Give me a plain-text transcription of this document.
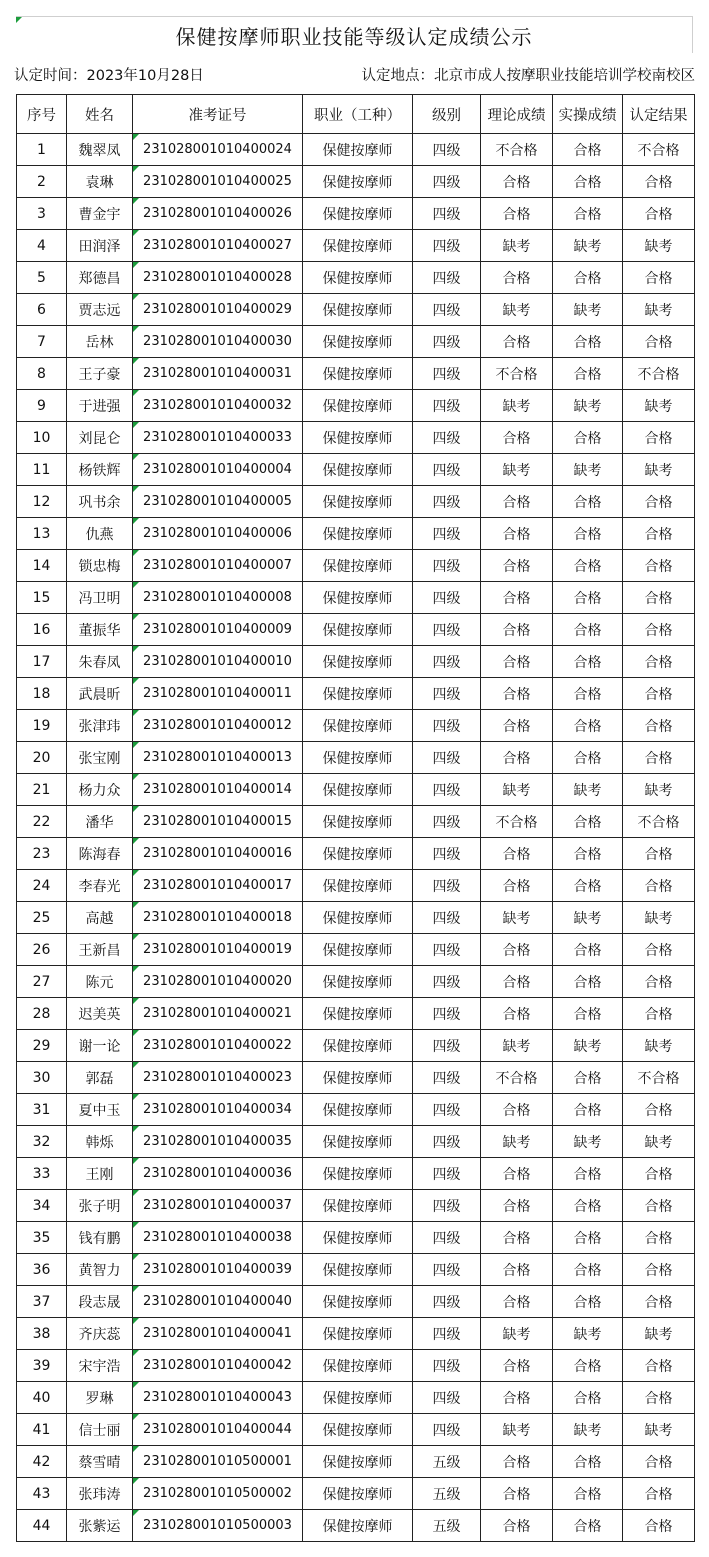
保健按摩师职业技能等级认定成绩公示
认定时间：2023年10月28日	认定地点：北京市成人按摩职业技能培训学校南校区
序号	姓名	准考证号	职业（工种）	级别	理论成绩	实操成绩	认定结果
1	魏翠凤	231028001010400024	保健按摩师	四级	不合格	合格	不合格
2	袁琳	231028001010400025	保健按摩师	四级	合格	合格	合格
3	曹金宇	231028001010400026	保健按摩师	四级	合格	合格	合格
4	田润泽	231028001010400027	保健按摩师	四级	缺考	缺考	缺考
5	郑德昌	231028001010400028	保健按摩师	四级	合格	合格	合格
6	贾志远	231028001010400029	保健按摩师	四级	缺考	缺考	缺考
7	岳林	231028001010400030	保健按摩师	四级	合格	合格	合格
8	王子豪	231028001010400031	保健按摩师	四级	不合格	合格	不合格
9	于进强	231028001010400032	保健按摩师	四级	缺考	缺考	缺考
10	刘昆仑	231028001010400033	保健按摩师	四级	合格	合格	合格
11	杨铁辉	231028001010400004	保健按摩师	四级	缺考	缺考	缺考
12	巩书余	231028001010400005	保健按摩师	四级	合格	合格	合格
13	仇燕	231028001010400006	保健按摩师	四级	合格	合格	合格
14	锁忠梅	231028001010400007	保健按摩师	四级	合格	合格	合格
15	冯卫明	231028001010400008	保健按摩师	四级	合格	合格	合格
16	董振华	231028001010400009	保健按摩师	四级	合格	合格	合格
17	朱春凤	231028001010400010	保健按摩师	四级	合格	合格	合格
18	武晨昕	231028001010400011	保健按摩师	四级	合格	合格	合格
19	张津玮	231028001010400012	保健按摩师	四级	合格	合格	合格
20	张宝刚	231028001010400013	保健按摩师	四级	合格	合格	合格
21	杨力众	231028001010400014	保健按摩师	四级	缺考	缺考	缺考
22	潘华	231028001010400015	保健按摩师	四级	不合格	合格	不合格
23	陈海春	231028001010400016	保健按摩师	四级	合格	合格	合格
24	李春光	231028001010400017	保健按摩师	四级	合格	合格	合格
25	高越	231028001010400018	保健按摩师	四级	缺考	缺考	缺考
26	王新昌	231028001010400019	保健按摩师	四级	合格	合格	合格
27	陈元	231028001010400020	保健按摩师	四级	合格	合格	合格
28	迟美英	231028001010400021	保健按摩师	四级	合格	合格	合格
29	谢一论	231028001010400022	保健按摩师	四级	缺考	缺考	缺考
30	郭磊	231028001010400023	保健按摩师	四级	不合格	合格	不合格
31	夏中玉	231028001010400034	保健按摩师	四级	合格	合格	合格
32	韩烁	231028001010400035	保健按摩师	四级	缺考	缺考	缺考
33	王刚	231028001010400036	保健按摩师	四级	合格	合格	合格
34	张子明	231028001010400037	保健按摩师	四级	合格	合格	合格
35	钱有鹏	231028001010400038	保健按摩师	四级	合格	合格	合格
36	黄智力	231028001010400039	保健按摩师	四级	合格	合格	合格
37	段志晟	231028001010400040	保健按摩师	四级	合格	合格	合格
38	齐庆蕊	231028001010400041	保健按摩师	四级	缺考	缺考	缺考
39	宋宇浩	231028001010400042	保健按摩师	四级	合格	合格	合格
40	罗琳	231028001010400043	保健按摩师	四级	合格	合格	合格
41	信士丽	231028001010400044	保健按摩师	四级	缺考	缺考	缺考
42	蔡雪晴	231028001010500001	保健按摩师	五级	合格	合格	合格
43	张玮涛	231028001010500002	保健按摩师	五级	合格	合格	合格
44	张紫运	231028001010500003	保健按摩师	五级	合格	合格	合格
